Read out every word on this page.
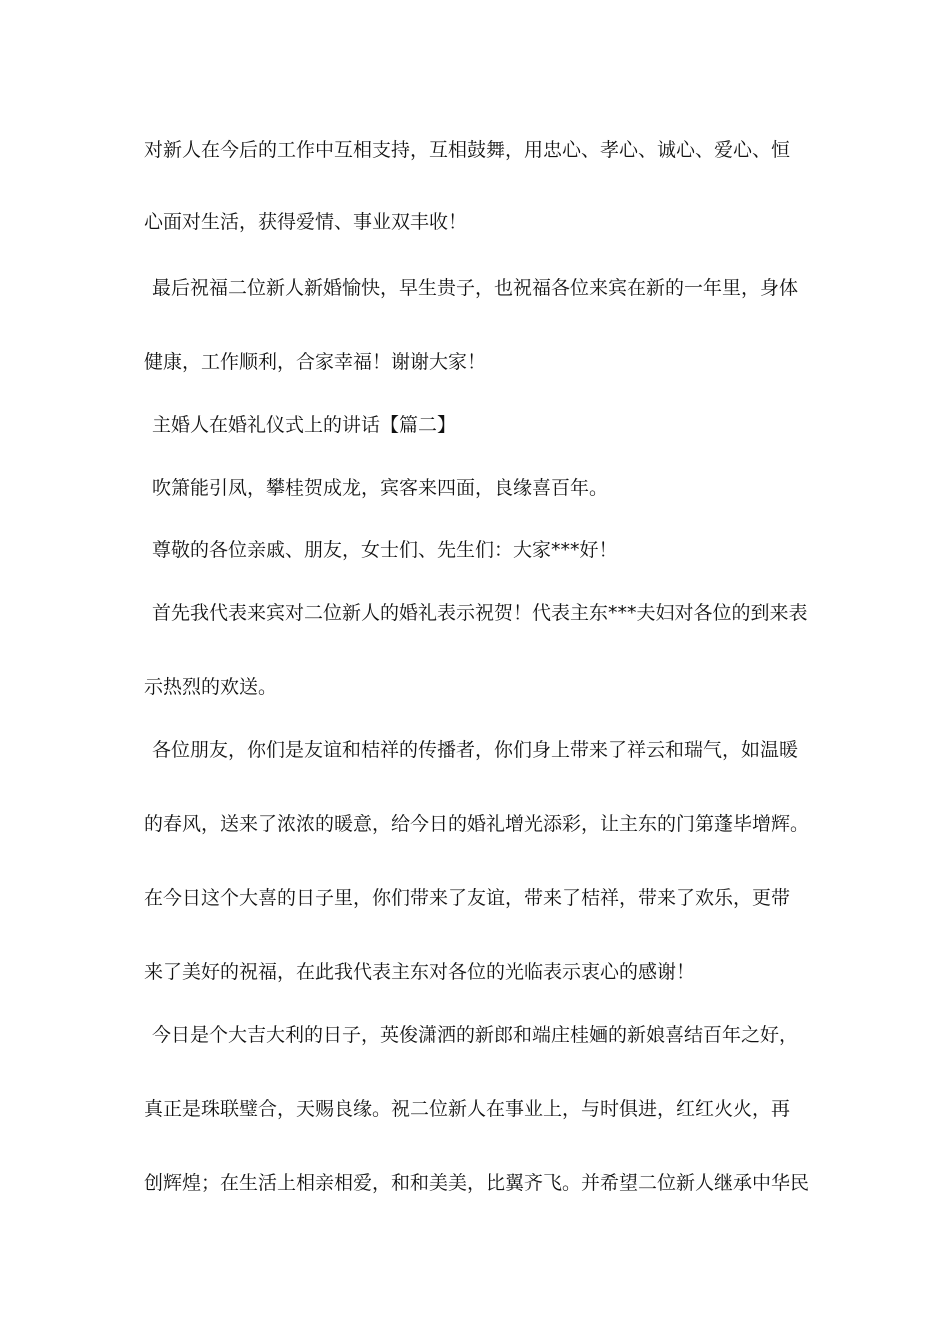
对新人在今后的工作中互相支持，互相鼓舞，用忠心、孝心、诚心、爱心、恒
心面对生活，获得爱情、事业双丰收！
最后祝福二位新人新婚愉快，早生贵子，也祝福各位来宾在新的一年里，身体
健康，工作顺利，合家幸福！谢谢大家！
主婚人在婚礼仪式上的讲话【篇二】
吹箫能引凤，攀桂贺成龙，宾客来四面，良缘喜百年。
尊敬的各位亲戚、朋友，女士们、先生们：大家***好！
首先我代表来宾对二位新人的婚礼表示祝贺！代表主东***夫妇对各位的到来表
示热烈的欢送。
各位朋友，你们是友谊和桔祥的传播者，你们身上带来了祥云和瑞气，如温暖
的春风，送来了浓浓的暖意，给今日的婚礼增光添彩，让主东的门第蓬毕增辉。
在今日这个大喜的日子里，你们带来了友谊，带来了桔祥，带来了欢乐，更带
来了美好的祝福，在此我代表主东对各位的光临表示衷心的感谢！
今日是个大吉大利的日子，英俊潇洒的新郎和端庄桂婳的新娘喜结百年之好，
真正是珠联璧合，天赐良缘。祝二位新人在事业上，与时俱进，红红火火，再
创辉煌；在生活上相亲相爱，和和美美，比翼齐飞。并希望二位新人继承中华民
